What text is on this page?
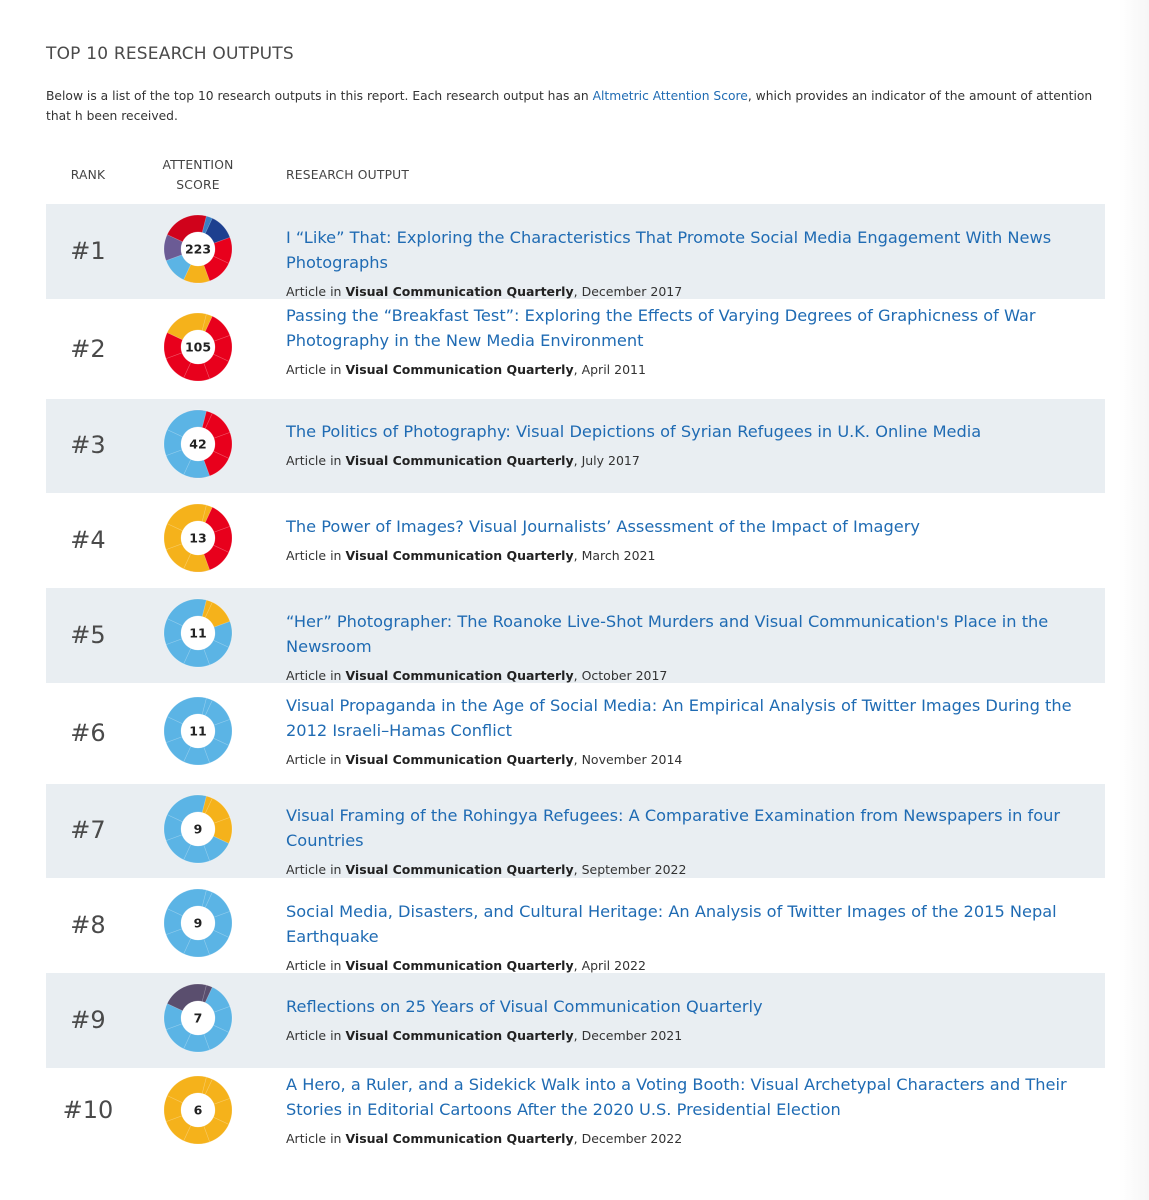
TOP 10 RESEARCH OUTPUTS

Below is a list of the top 10 research outputs in this report. Each research output has an Altmetric Attention Score, which provides an indicator of the amount of attention that h been received.

RANK
ATTENTION
SCORE
RESEARCH OUTPUT
#1	223
I “Like” That: Exploring the Characteristics That Promote Social Media Engagement With News Photographs
Article in Visual Communication Quarterly, December 2017
#2	105
Passing the “Breakfast Test”: Exploring the Effects of Varying Degrees of Graphicness of War Photography in the New Media Environment
Article in Visual Communication Quarterly, April 2011
#3	42
The Politics of Photography: Visual Depictions of Syrian Refugees in U.K. Online Media
Article in Visual Communication Quarterly, July 2017
#4	13
The Power of Images? Visual Journalists’ Assessment of the Impact of Imagery
Article in Visual Communication Quarterly, March 2021
#5	11
“Her” Photographer: The Roanoke Live-Shot Murders and Visual Communication's Place in the Newsroom
Article in Visual Communication Quarterly, October 2017
#6	11
Visual Propaganda in the Age of Social Media: An Empirical Analysis of Twitter Images During the 2012 Israeli–Hamas Conflict
Article in Visual Communication Quarterly, November 2014
#7	9
Visual Framing of the Rohingya Refugees: A Comparative Examination from Newspapers in four Countries
Article in Visual Communication Quarterly, September 2022
#8	9
Social Media, Disasters, and Cultural Heritage: An Analysis of Twitter Images of the 2015 Nepal Earthquake
Article in Visual Communication Quarterly, April 2022
#9	7
Reflections on 25 Years of Visual Communication Quarterly
Article in Visual Communication Quarterly, December 2021
#10	6
A Hero, a Ruler, and a Sidekick Walk into a Voting Booth: Visual Archetypal Characters and Their Stories in Editorial Cartoons After the 2020 U.S. Presidential Election
Article in Visual Communication Quarterly, December 2022
